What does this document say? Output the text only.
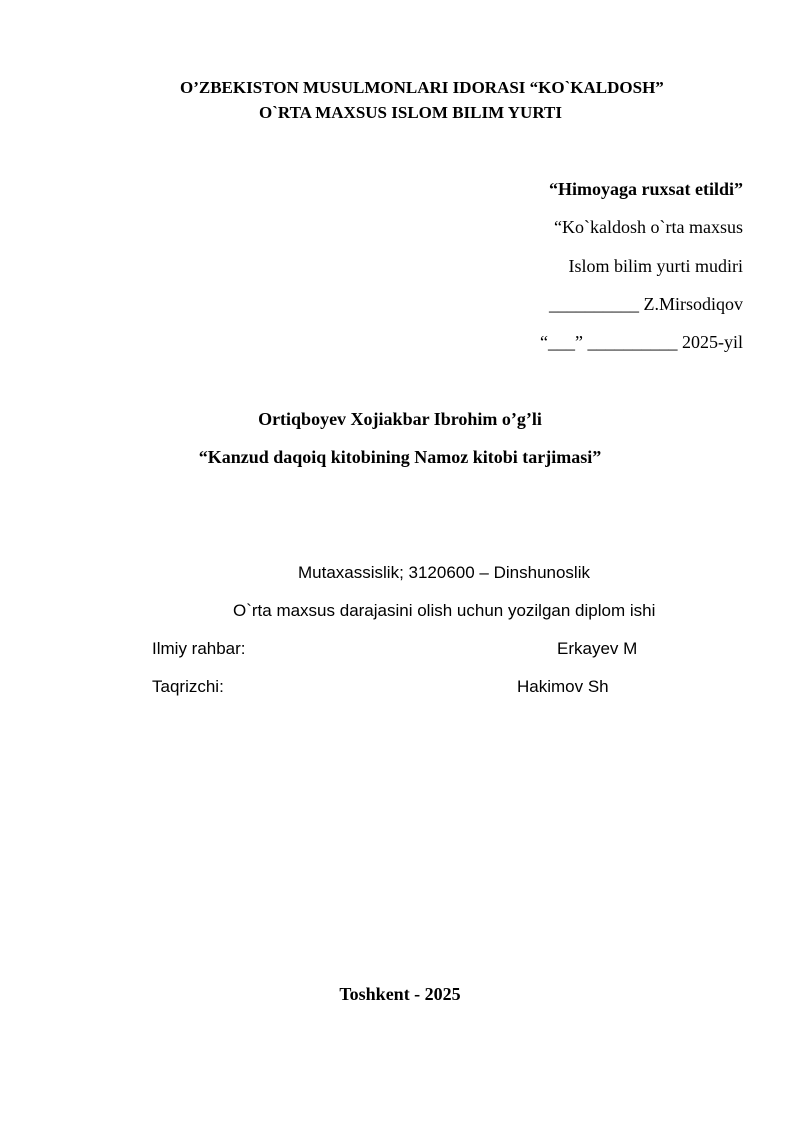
O’ZBEKISTON MUSULMONLARI IDORASI “KO`KALDOSH”
O`RTA MAXSUS ISLOM BILIM YURTI
“Himoyaga ruxsat etildi”
“Ko`kaldosh o`rta maxsus
Islom bilim yurti mudiri
__________ Z.Mirsodiqov
“___” __________ 2025-yil
Ortiqboyev Xojiakbar Ibrohim o’g’li
“Kanzud daqoiq kitobining Namoz kitobi tarjimasi”
Mutaxassislik; 3120600 – Dinshunoslik
O`rta maxsus darajasini olish uchun yozilgan diplom ishi
Ilmiy rahbar:	Erkayev M
Taqrizchi:	Hakimov Sh
Toshkent - 2025
